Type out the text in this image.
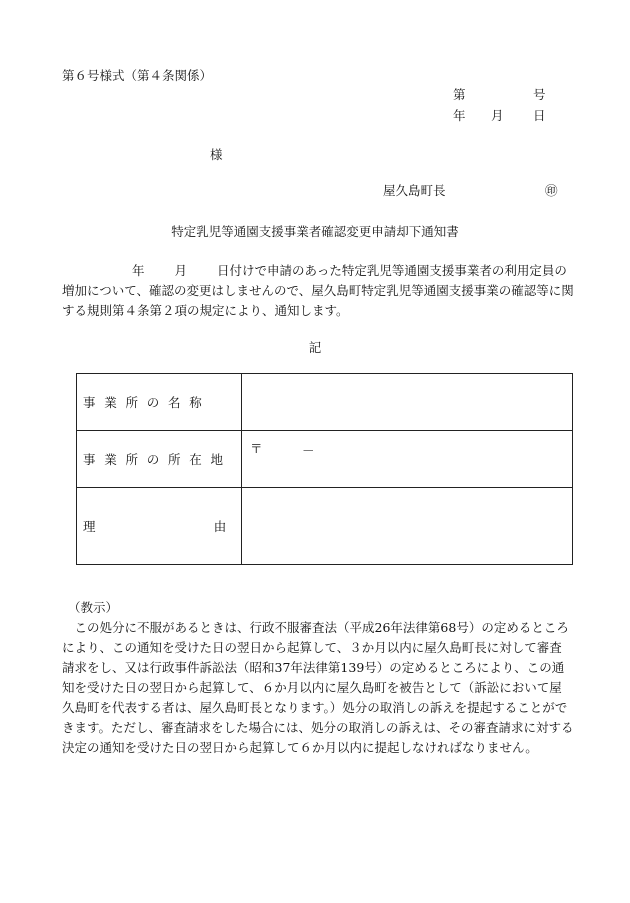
第６号様式（第４条関係）
第	号
年 月 日
様
屋久島町長	㊞
特定乳児等通園支援事業者確認変更申請却下通知書

年 月 日付けで申請のあった特定乳児等通園支援事業者の利用定員の増加について、確認の変更はしませんので、屋久島町特定乳児等通園支援事業の確認等に関する規則第４条第２項の規定により、通知します。

記
事業所の名称	
事業所の所在地	〒 －

理 由	

（教示）

この処分に不服があるときは、行政不服審査法（平成26年法律第68号）の定めるところにより、この通知を受けた日の翌日から起算して、３か月以内に屋久島町長に対して審査請求をし、又は行政事件訴訟法（昭和37年法律第139号）の定めるところにより、この通知を受けた日の翌日から起算して、６か月以内に屋久島町を被告として（訴訟において屋久島町を代表する者は、屋久島町長となります。）処分の取消しの訴えを提起することができます。ただし、審査請求をした場合には、処分の取消しの訴えは、その審査請求に対する決定の通知を受けた日の翌日から起算して６か月以内に提起しなければなりません。
